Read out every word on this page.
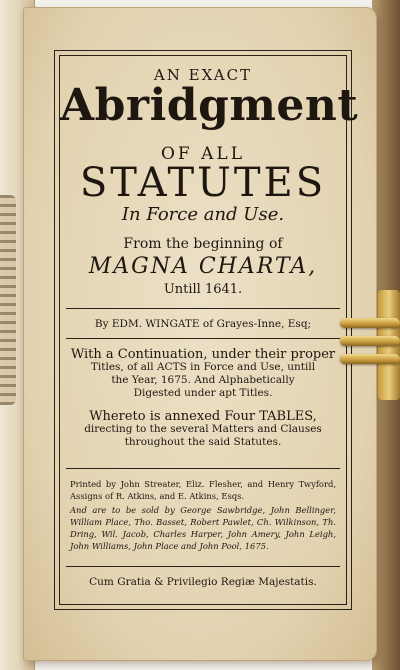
AN EXACT
Abridgment
OF ALL
STATUTES
In Force and Use.
From the beginning of
MAGNA CHARTA,
Untill 1641.
By EDM. WINGATE of Grayes-Inne, Esq;
With a Continuation, under their proper
Titles, of all ACTS in Force and Use, untill
the Year, 1675. And Alphabetically
Digested under apt Titles.
Whereto is annexed Four TABLES,
directing to the several Matters and Clauses
throughout the said Statutes.
Printed by John Streater, Eliz. Flesher, and Henry Twyford, Assigns of R. Atkins, and E. Atkins, Esqs.
And are to be sold by George Sawbridge, John Bellinger, William Place, Tho. Basset, Robert Pawlet, Ch. Wilkinson, Th. Dring, Wil. Jacob, Charles Harper, John Amery, John Leigh, John Williams, John Place and John Pool, 1675.
Cum Gratia & Privilegio Regiæ Majestatis.
